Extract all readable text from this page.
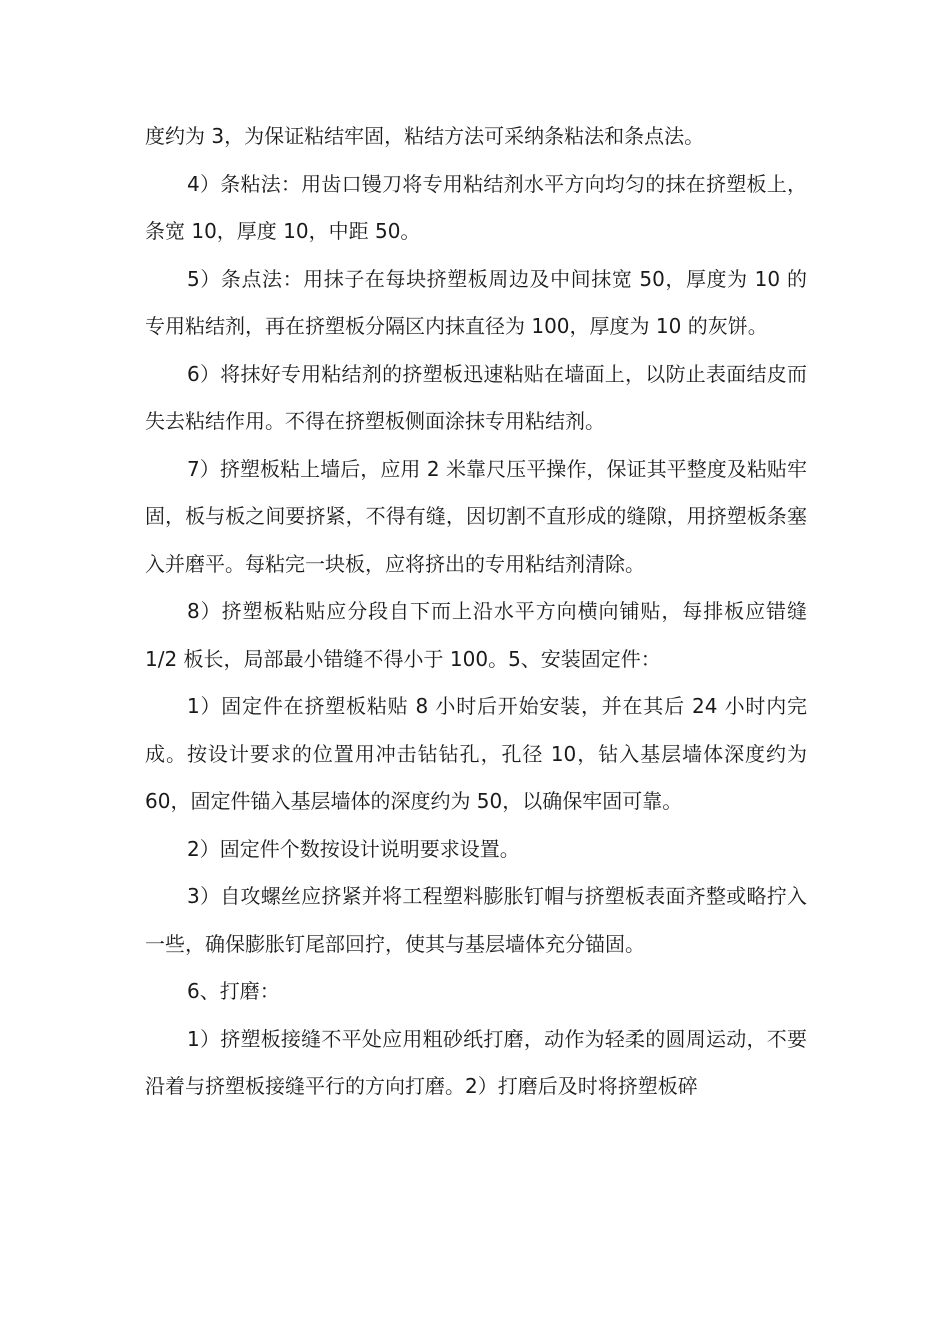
度约为 3，为保证粘结牢固，粘结方法可采纳条粘法和条点法。

4）条粘法：用齿口镘刀将专用粘结剂水平方向均匀的抹在挤塑板上，条宽 10，厚度 10，中距 50。

5）条点法：用抹子在每块挤塑板周边及中间抹宽 50，厚度为 10 的专用粘结剂，再在挤塑板分隔区内抹直径为 100，厚度为 10 的灰饼。

6）将抹好专用粘结剂的挤塑板迅速粘贴在墙面上，以防止表面结皮而失去粘结作用。不得在挤塑板侧面涂抹专用粘结剂。

7）挤塑板粘上墙后，应用 2 米靠尺压平操作，保证其平整度及粘贴牢固，板与板之间要挤紧，不得有缝，因切割不直形成的缝隙，用挤塑板条塞入并磨平。每粘完一块板，应将挤出的专用粘结剂清除。

8）挤塑板粘贴应分段自下而上沿水平方向横向铺贴，每排板应错缝 1/2 板长，局部最小错缝不得小于 100。5、安装固定件：

1）固定件在挤塑板粘贴 8 小时后开始安装，并在其后 24 小时内完成。按设计要求的位置用冲击钻钻孔，孔径 10，钻入基层墙体深度约为 60，固定件锚入基层墙体的深度约为 50，以确保牢固可靠。

2）固定件个数按设计说明要求设置。

3）自攻螺丝应挤紧并将工程塑料膨胀钉帽与挤塑板表面齐整或略拧入一些，确保膨胀钉尾部回拧，使其与基层墙体充分锚固。

6、打磨：

1）挤塑板接缝不平处应用粗砂纸打磨，动作为轻柔的圆周运动，不要沿着与挤塑板接缝平行的方向打磨。2）打磨后及时将挤塑板碎
